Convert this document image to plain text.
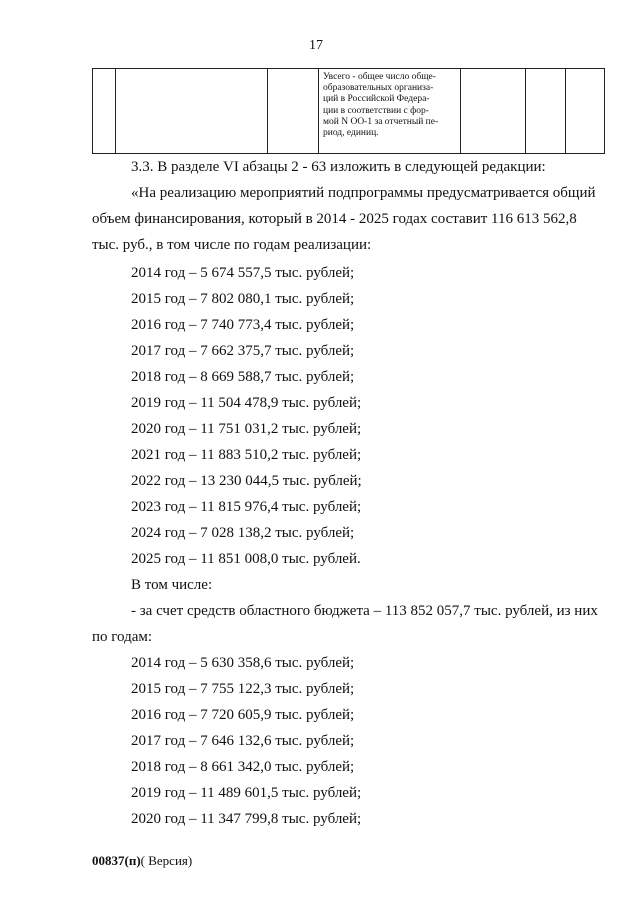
17

Увсего - общее число обще-
образовательных организа-
ций в Российской Федера-
ции в соответствии с фор-
мой N ОО-1 за отчетный пе-
риод, единиц.

3.3. В разделе VI абзацы 2 - 63 изложить в следующей редакции:
«На реализацию мероприятий подпрограммы предусматривается общий
объем финансирования, который в 2014 - 2025 годах составит 116 613 562,8
тыс. руб., в том числе по годам реализации:
2014 год – 5 674 557,5 тыс. рублей;
2015 год – 7 802 080,1 тыс. рублей;
2016 год – 7 740 773,4 тыс. рублей;
2017 год – 7 662 375,7 тыс. рублей;
2018 год – 8 669 588,7 тыс. рублей;
2019 год – 11 504 478,9 тыс. рублей;
2020 год – 11 751 031,2 тыс. рублей;
2021 год – 11 883 510,2 тыс. рублей;
2022 год – 13 230 044,5 тыс. рублей;
2023 год – 11 815 976,4 тыс. рублей;
2024 год – 7 028 138,2 тыс. рублей;
2025 год – 11 851 008,0 тыс. рублей.
В том числе:
- за счет средств областного бюджета – 113 852 057,7 тыс. рублей, из них
по годам:
2014 год – 5 630 358,6 тыс. рублей;
2015 год – 7 755 122,3 тыс. рублей;
2016 год – 7 720 605,9 тыс. рублей;
2017 год – 7 646 132,6 тыс. рублей;
2018 год – 8 661 342,0 тыс. рублей;
2019 год – 11 489 601,5 тыс. рублей;
2020 год – 11 347 799,8 тыс. рублей;
00837(п)( Версия)
